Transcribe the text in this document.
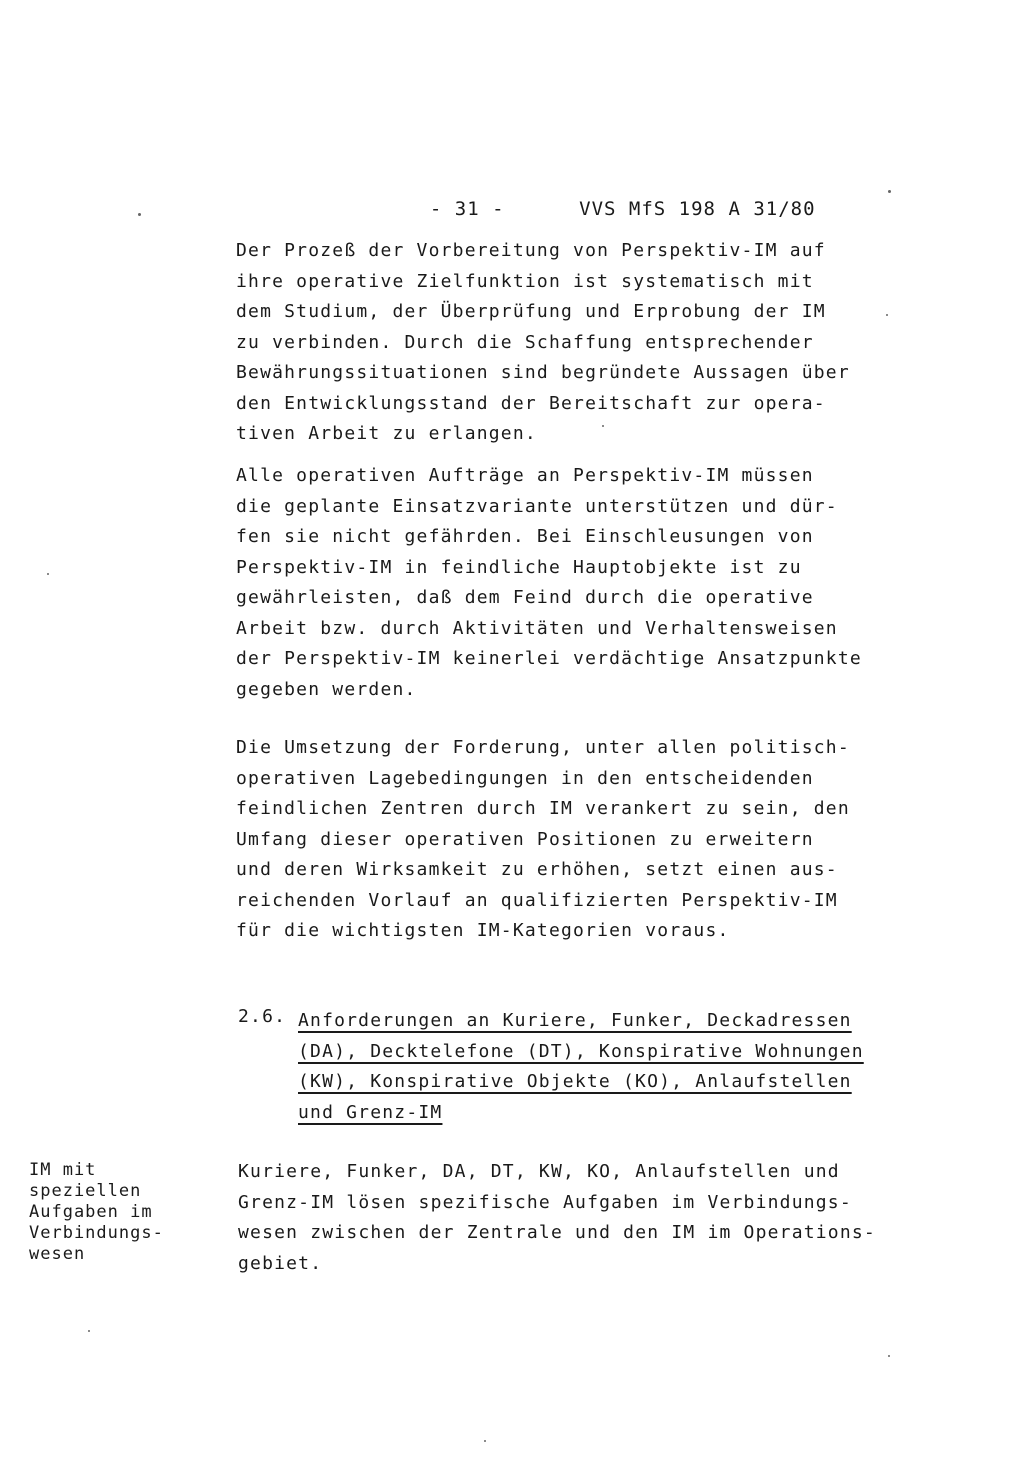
- 31 -	VVS MfS 198 A 31/80

Der Prozeß der Vorbereitung von Perspektiv-IM auf
ihre operative Zielfunktion ist systematisch mit
dem Studium, der Überprüfung und Erprobung der IM
zu verbinden. Durch die Schaffung entsprechender
Bewährungssituationen sind begründete Aussagen über
den Entwicklungsstand der Bereitschaft zur opera-
tiven Arbeit zu erlangen.
Alle operativen Aufträge an Perspektiv-IM müssen
die geplante Einsatzvariante unterstützen und dür-
fen sie nicht gefährden. Bei Einschleusungen von
Perspektiv-IM in feindliche Hauptobjekte ist zu
gewährleisten, daß dem Feind durch die operative
Arbeit bzw. durch Aktivitäten und Verhaltensweisen
der Perspektiv-IM keinerlei verdächtige Ansatzpunkte
gegeben werden.
Die Umsetzung der Forderung, unter allen politisch-
operativen Lagebedingungen in den entscheidenden
feindlichen Zentren durch IM verankert zu sein, den
Umfang dieser operativen Positionen zu erweitern
und deren Wirksamkeit zu erhöhen, setzt einen aus-
reichenden Vorlauf an qualifizierten Perspektiv-IM
für die wichtigsten IM-Kategorien voraus.
2.6. Anforderungen an Kuriere, Funker, Deckadressen
(DA), Decktelefone (DT), Konspirative Wohnungen
(KW), Konspirative Objekte (KO), Anlaufstellen
und Grenz-IM
IM mit
speziellen
Aufgaben im
Verbindungs-
wesen
Kuriere, Funker, DA, DT, KW, KO, Anlaufstellen und
Grenz-IM lösen spezifische Aufgaben im Verbindungs-
wesen zwischen der Zentrale und den IM im Operations-
gebiet.
